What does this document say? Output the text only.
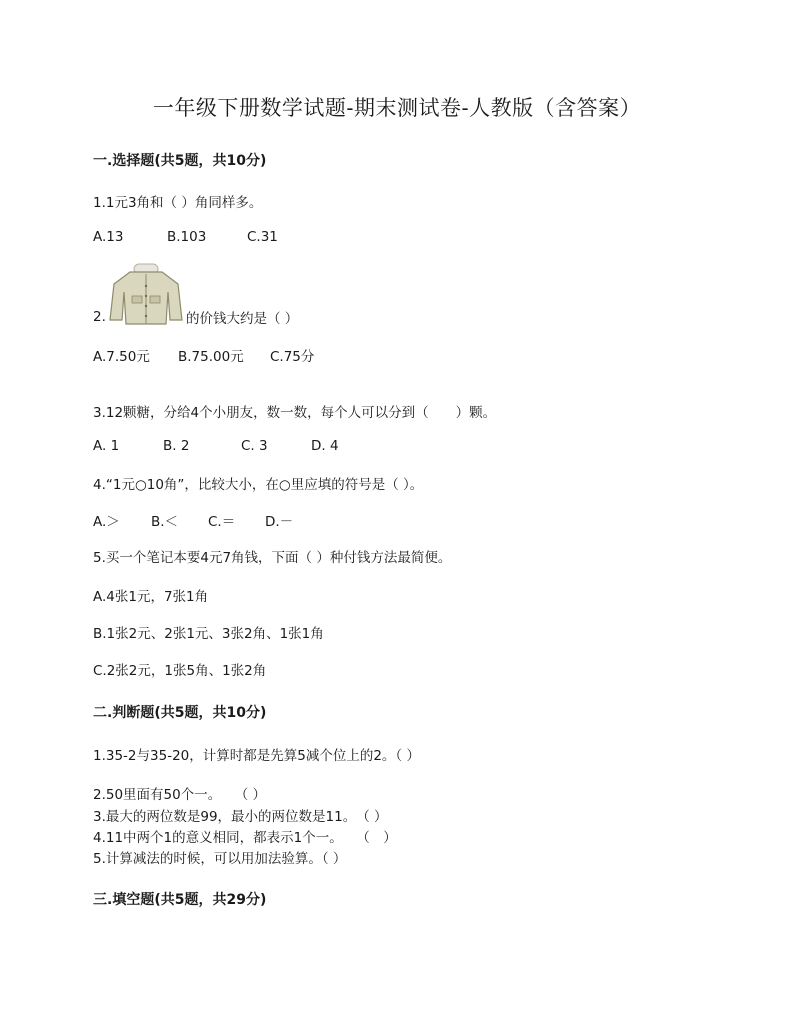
一年级下册数学试题-期末测试卷-人教版（含答案）
一.选择题(共5题，共10分)
1.1元3角和（ ）角同样多。
A.13	B.103	C.31
2.	的价钱大约是（ ）
A.7.50元 B.75.00元 C.75分
3.12颗糖，分给4个小朋友，数一数，每个人可以分到（　　）颗。
A. 1	B. 2	C. 3	D. 4
4.“1元○10角”，比较大小，在○里应填的符号是（ ）。
A.＞ B.＜ C.＝ D.－
5.买一个笔记本要4元7角钱，下面（ ）种付钱方法最简便。
A.4张1元，7张1角
B.1张2元、2张1元、3张2角、1张1角
C.2张2元，1张5角、1张2角
二.判断题(共5题，共10分)
1.35-2与35-20，计算时都是先算5减个位上的2。（ ）
2.50里面有50个一。　　（ ）
3.最大的两位数是99，最小的两位数是11。　（ ）
4.11中两个1的意义相同，都表示1个一。　　（　）
5.计算减法的时候，可以用加法验算。（ ）
三.填空题(共5题，共29分)
